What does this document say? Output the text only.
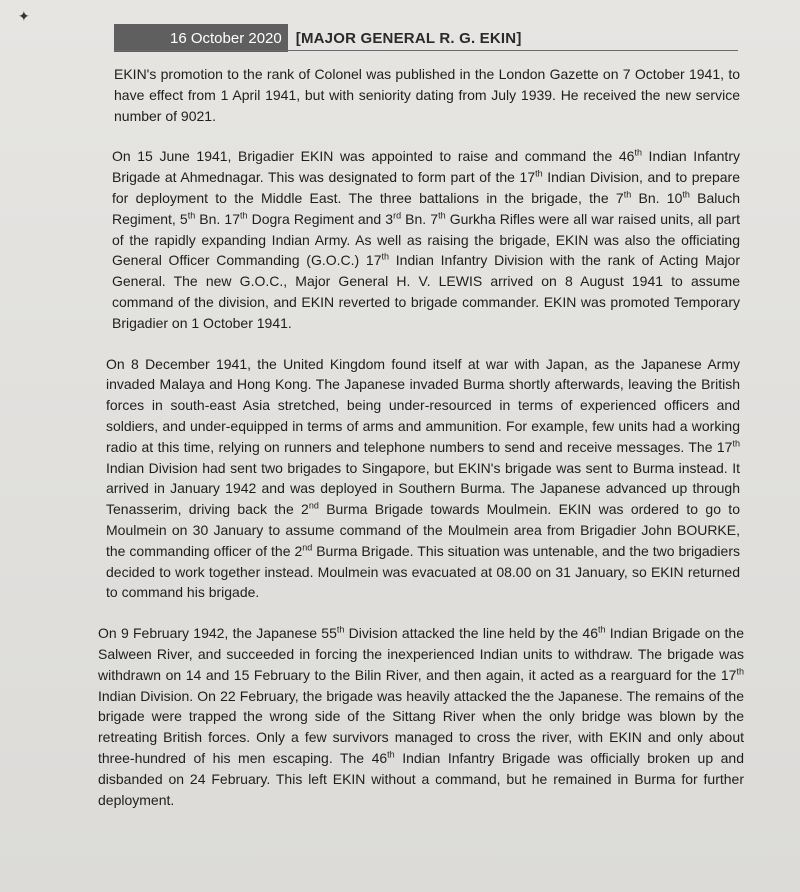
✦
16 October 2020 [MAJOR GENERAL R. G. EKIN]

EKIN's promotion to the rank of Colonel was published in the London Gazette on 7 October 1941, to have effect from 1 April 1941, but with seniority dating from July 1939. He received the new service number of 9021.

On 15 June 1941, Brigadier EKIN was appointed to raise and command the 46th Indian Infantry Brigade at Ahmednagar. This was designated to form part of the 17th Indian Division, and to prepare for deployment to the Middle East. The three battalions in the brigade, the 7th Bn. 10th Baluch Regiment, 5th Bn. 17th Dogra Regiment and 3rd Bn. 7th Gurkha Rifles were all war raised units, all part of the rapidly expanding Indian Army. As well as raising the brigade, EKIN was also the officiating General Officer Commanding (G.O.C.) 17th Indian Infantry Division with the rank of Acting Major General. The new G.O.C., Major General H. V. LEWIS arrived on 8 August 1941 to assume command of the division, and EKIN reverted to brigade commander. EKIN was promoted Temporary Brigadier on 1 October 1941.

On 8 December 1941, the United Kingdom found itself at war with Japan, as the Japanese Army invaded Malaya and Hong Kong. The Japanese invaded Burma shortly afterwards, leaving the British forces in south-east Asia stretched, being under-resourced in terms of experienced officers and soldiers, and under-equipped in terms of arms and ammunition. For example, few units had a working radio at this time, relying on runners and telephone numbers to send and receive messages. The 17th Indian Division had sent two brigades to Singapore, but EKIN's brigade was sent to Burma instead. It arrived in January 1942 and was deployed in Southern Burma. The Japanese advanced up through Tenasserim, driving back the 2nd Burma Brigade towards Moulmein. EKIN was ordered to go to Moulmein on 30 January to assume command of the Moulmein area from Brigadier John BOURKE, the commanding officer of the 2nd Burma Brigade. This situation was untenable, and the two brigadiers decided to work together instead. Moulmein was evacuated at 08.00 on 31 January, so EKIN returned to command his brigade.

On 9 February 1942, the Japanese 55th Division attacked the line held by the 46th Indian Brigade on the Salween River, and succeeded in forcing the inexperienced Indian units to withdraw. The brigade was withdrawn on 14 and 15 February to the Bilin River, and then again, it acted as a rearguard for the 17th Indian Division. On 22 February, the brigade was heavily attacked the the Japanese. The remains of the brigade were trapped the wrong side of the Sittang River when the only bridge was blown by the retreating British forces. Only a few survivors managed to cross the river, with EKIN and only about three-hundred of his men escaping. The 46th Indian Infantry Brigade was officially broken up and disbanded on 24 February. This left EKIN without a command, but he remained in Burma for further deployment.
